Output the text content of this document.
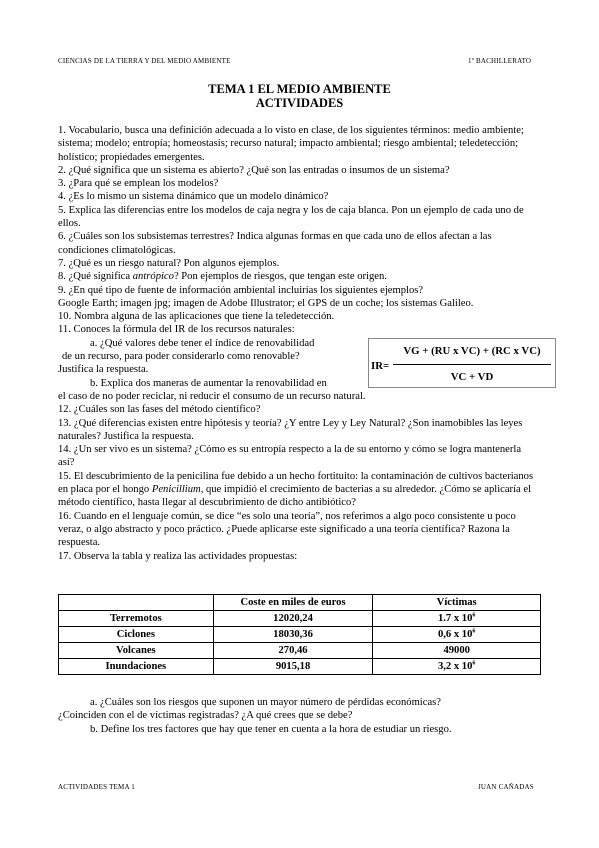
CIENCIAS DE LA TIERRA Y DEL MEDIO AMBIENTE	1º BACHILLERATO
TEMA 1 EL MEDIO AMBIENTE
ACTIVIDADES

1. Vocabulario, busca una definición adecuada a lo visto en clase, de los siguientes términos: medio ambiente; sistema; modelo; entropía; homeostasis; recurso natural; impacto ambiental; riesgo ambiental; teledetección; holístico; propiedades emergentes.

2. ¿Qué significa que un sistema es abierto? ¿Qué son las entradas o insumos de un sistema?

3. ¿Para qué se emplean los modelos?

4. ¿Es lo mismo un sistema dinámico que un modelo dinámico?

5. Explica las diferencias entre los modelos de caja negra y los de caja blanca. Pon un ejemplo de cada uno de ellos.

6. ¿Cuáles son los subsistemas terrestres? Indica algunas formas en que cada uno de ellos afectan a las condiciones climatológicas.

7. ¿Qué es un riesgo natural? Pon algunos ejemplos.

8. ¿Qué significa antrópico? Pon ejemplos de riesgos, que tengan este origen.

9. ¿En qué tipo de fuente de información ambiental incluirías los siguientes ejemplos?

Google Earth; imagen jpg; imagen de Adobe Illustrator; el GPS de un coche; los sistemas Galileo.

10. Nombra alguna de las aplicaciones que tiene la teledetección.

11. Conoces la fórmula del IR de los recursos naturales:

a. ¿Qué valores debe tener el índice de renovabilidad

de un recurso, para poder considerarlo como renovable?

Justifica la respuesta.

b. Explica dos maneras de aumentar la renovabilidad en

el caso de no poder reciclar, ni reducir el consumo de un recurso natural.

12. ¿Cuáles son las fases del método científico?

13. ¿Qué diferencias existen entre hipótesis y teoría? ¿Y entre Ley y Ley Natural? ¿Son inamobibles las leyes naturales? Justifica la respuesta.

14. ¿Un ser vivo es un sistema? ¿Cómo es su entropía respecto a la de su entorno y cómo se logra mantenerla así?

15. El descubrimiento de la penicilina fue debido a un hecho fortituito: la contaminación de cultivos bacterianos en placa por el hongo Penicillium, que impidió el crecimiento de bacterias a su alrededor. ¿Cómo se aplicaría el método científico, hasta llegar al descubrimiento de dicho antibiótico?

16. Cuando en el lenguaje común, se dice “es solo una teoría”, nos referimos a algo poco consistente u poco veraz, o algo abstracto y poco práctico. ¿Puede aplicarse este significado a una teoría científica? Razona la respuesta.

17. Observa la tabla y realiza las actividades propuestas:

IR=
VG + (RU x VC) + (RC x VC)
VC + VD
	Coste en miles de euros	Víctimas
Terremotos	12020,24	1.7 x $10^6$
Ciclones	18030,36	0,6 x $10^6$
Volcanes	270,46	49000
Inundaciones	9015,18	3,2 x $10^6$

a. ¿Cuáles son los riesgos que suponen un mayor número de pérdidas económicas?

¿Coinciden con el de víctimas registradas? ¿A qué crees que se debe?

b. Define los tres factores que hay que tener en cuenta a la hora de estudiar un riesgo.

ACTIVIDADES TEMA 1	JUAN CAÑADAS
